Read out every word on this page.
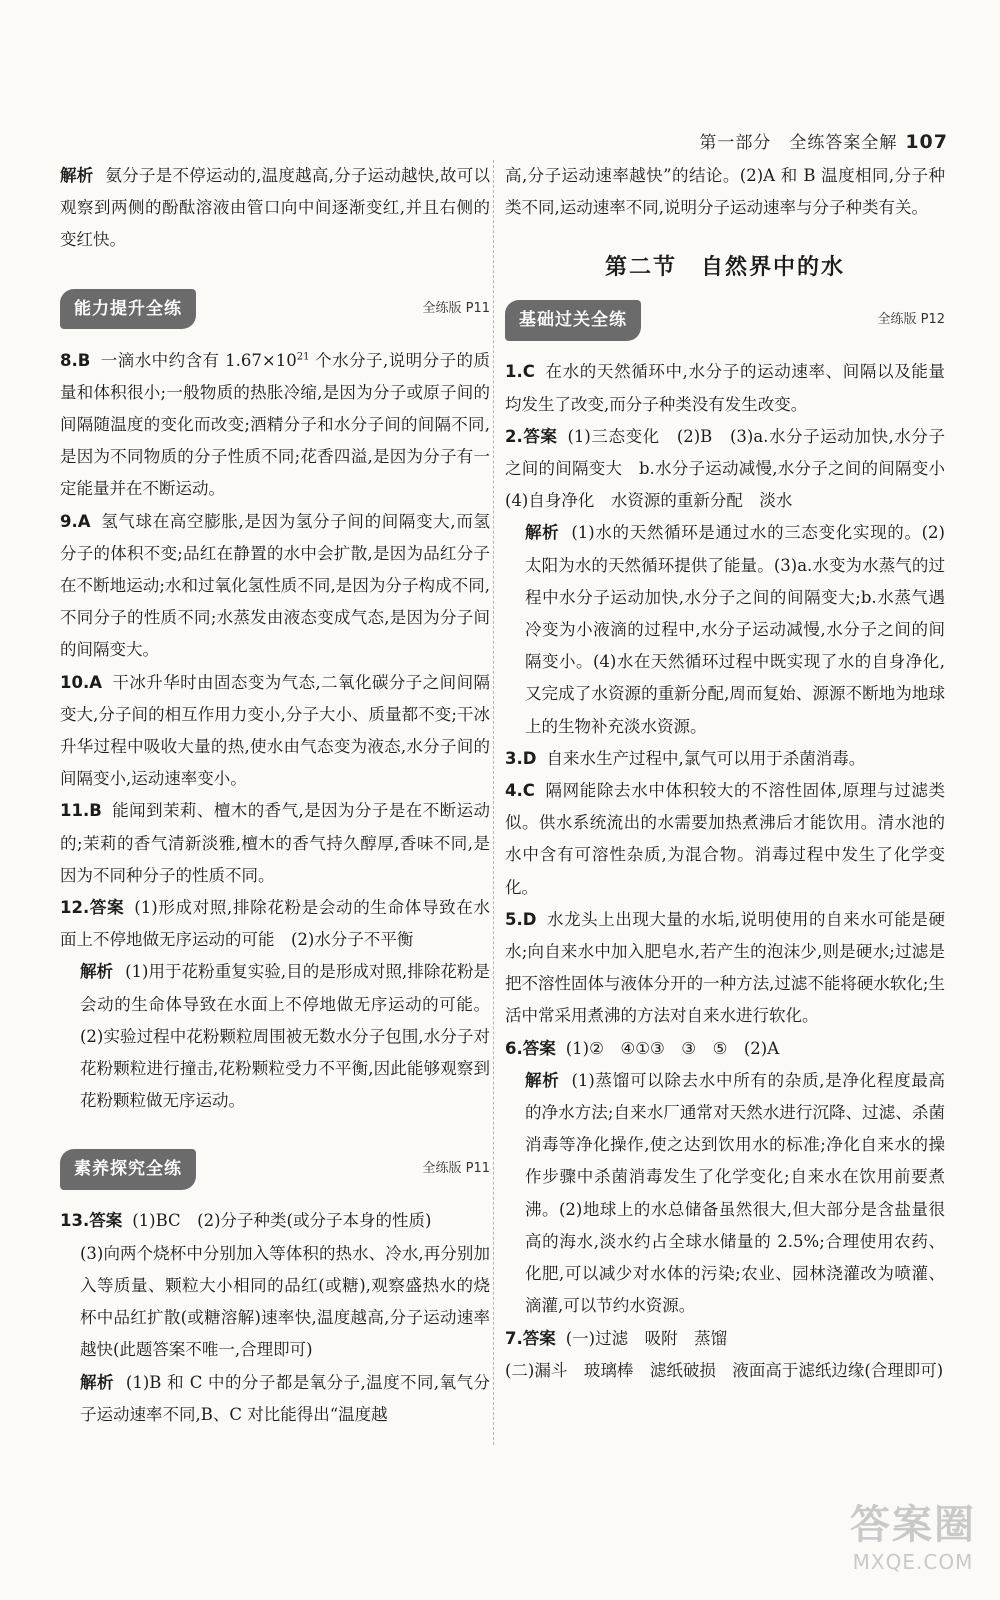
第一部分　全练答案全解 107

解析 氨分子是不停运动的,温度越高,分子运动越快,故可以观察到两侧的酚酞溶液由管口向中间逐渐变红,并且右侧的变红快。

能力提升全练	全练版 P11

8.B 一滴水中约含有 $1.67\times 10^{21}$ 个水分子,说明分子的质量和体积很小;一般物质的热胀冷缩,是因为分子或原子间的间隔随温度的变化而改变;酒精分子和水分子间的间隔不同,是因为不同物质的分子性质不同;花香四溢,是因为分子有一定能量并在不断运动。

9.A 氢气球在高空膨胀,是因为氢分子间的间隔变大,而氢分子的体积不变;品红在静置的水中会扩散,是因为品红分子在不断地运动;水和过氧化氢性质不同,是因为分子构成不同,不同分子的性质不同;水蒸发由液态变成气态,是因为分子间的间隔变大。

10.A 干冰升华时由固态变为气态,二氧化碳分子之间间隔变大,分子间的相互作用力变小,分子大小、质量都不变;干冰升华过程中吸收大量的热,使水由气态变为液态,水分子间的间隔变小,运动速率变小。

11.B 能闻到茉莉、檀木的香气,是因为分子是在不断运动的;茉莉的香气清新淡雅,檀木的香气持久醇厚,香味不同,是因为不同种分子的性质不同。

12.答案 (1)形成对照,排除花粉是会动的生命体导致在水面上不停地做无序运动的可能　(2)水分子不平衡

解析 (1)用于花粉重复实验,目的是形成对照,排除花粉是会动的生命体导致在水面上不停地做无序运动的可能。(2)实验过程中花粉颗粒周围被无数水分子包围,水分子对花粉颗粒进行撞击,花粉颗粒受力不平衡,因此能够观察到花粉颗粒做无序运动。

素养探究全练	全练版 P11

13.答案 (1)BC　(2)分子种类(或分子本身的性质)

(3)向两个烧杯中分别加入等体积的热水、冷水,再分别加入等质量、颗粒大小相同的品红(或糖),观察盛热水的烧杯中品红扩散(或糖溶解)速率快,温度越高,分子运动速率越快(此题答案不唯一,合理即可)

解析 (1)B 和 C 中的分子都是氧分子,温度不同,氧气分子运动速率不同,B、C 对比能得出“温度越

高,分子运动速率越快”的结论。(2)A 和 B 温度相同,分子种类不同,运动速率不同,说明分子运动速率与分子种类有关。

第二节　自然界中的水

基础过关全练	全练版 P12

1.C 在水的天然循环中,水分子的运动速率、间隔以及能量均发生了改变,而分子种类没有发生改变。

2.答案 (1)三态变化　(2)B　(3)a.水分子运动加快,水分子之间的间隔变大　b.水分子运动减慢,水分子之间的间隔变小　(4)自身净化　水资源的重新分配　淡水

解析 (1)水的天然循环是通过水的三态变化实现的。(2)太阳为水的天然循环提供了能量。(3)a.水变为水蒸气的过程中水分子运动加快,水分子之间的间隔变大;b.水蒸气遇冷变为小液滴的过程中,水分子运动减慢,水分子之间的间隔变小。(4)水在天然循环过程中既实现了水的自身净化,又完成了水资源的重新分配,周而复始、源源不断地为地球上的生物补充淡水资源。

3.D 自来水生产过程中,氯气可以用于杀菌消毒。

4.C 隔网能除去水中体积较大的不溶性固体,原理与过滤类似。供水系统流出的水需要加热煮沸后才能饮用。清水池的水中含有可溶性杂质,为混合物。消毒过程中发生了化学变化。

5.D 水龙头上出现大量的水垢,说明使用的自来水可能是硬水;向自来水中加入肥皂水,若产生的泡沫少,则是硬水;过滤是把不溶性固体与液体分开的一种方法,过滤不能将硬水软化;生活中常采用煮沸的方法对自来水进行软化。

6.答案 (1)②　④①③　③　⑤　(2)A

解析 (1)蒸馏可以除去水中所有的杂质,是净化程度最高的净水方法;自来水厂通常对天然水进行沉降、过滤、杀菌消毒等净化操作,使之达到饮用水的标准;净化自来水的操作步骤中杀菌消毒发生了化学变化;自来水在饮用前要煮沸。(2)地球上的水总储备虽然很大,但大部分是含盐量很高的海水,淡水约占全球水储量的 2.5%;合理使用农药、化肥,可以减少对水体的污染;农业、园林浇灌改为喷灌、滴灌,可以节约水资源。

7.答案 (一)过滤　吸附　蒸馏

(二)漏斗　玻璃棒　滤纸破损　液面高于滤纸边缘(合理即可)

答案圈
MXQE.COM
